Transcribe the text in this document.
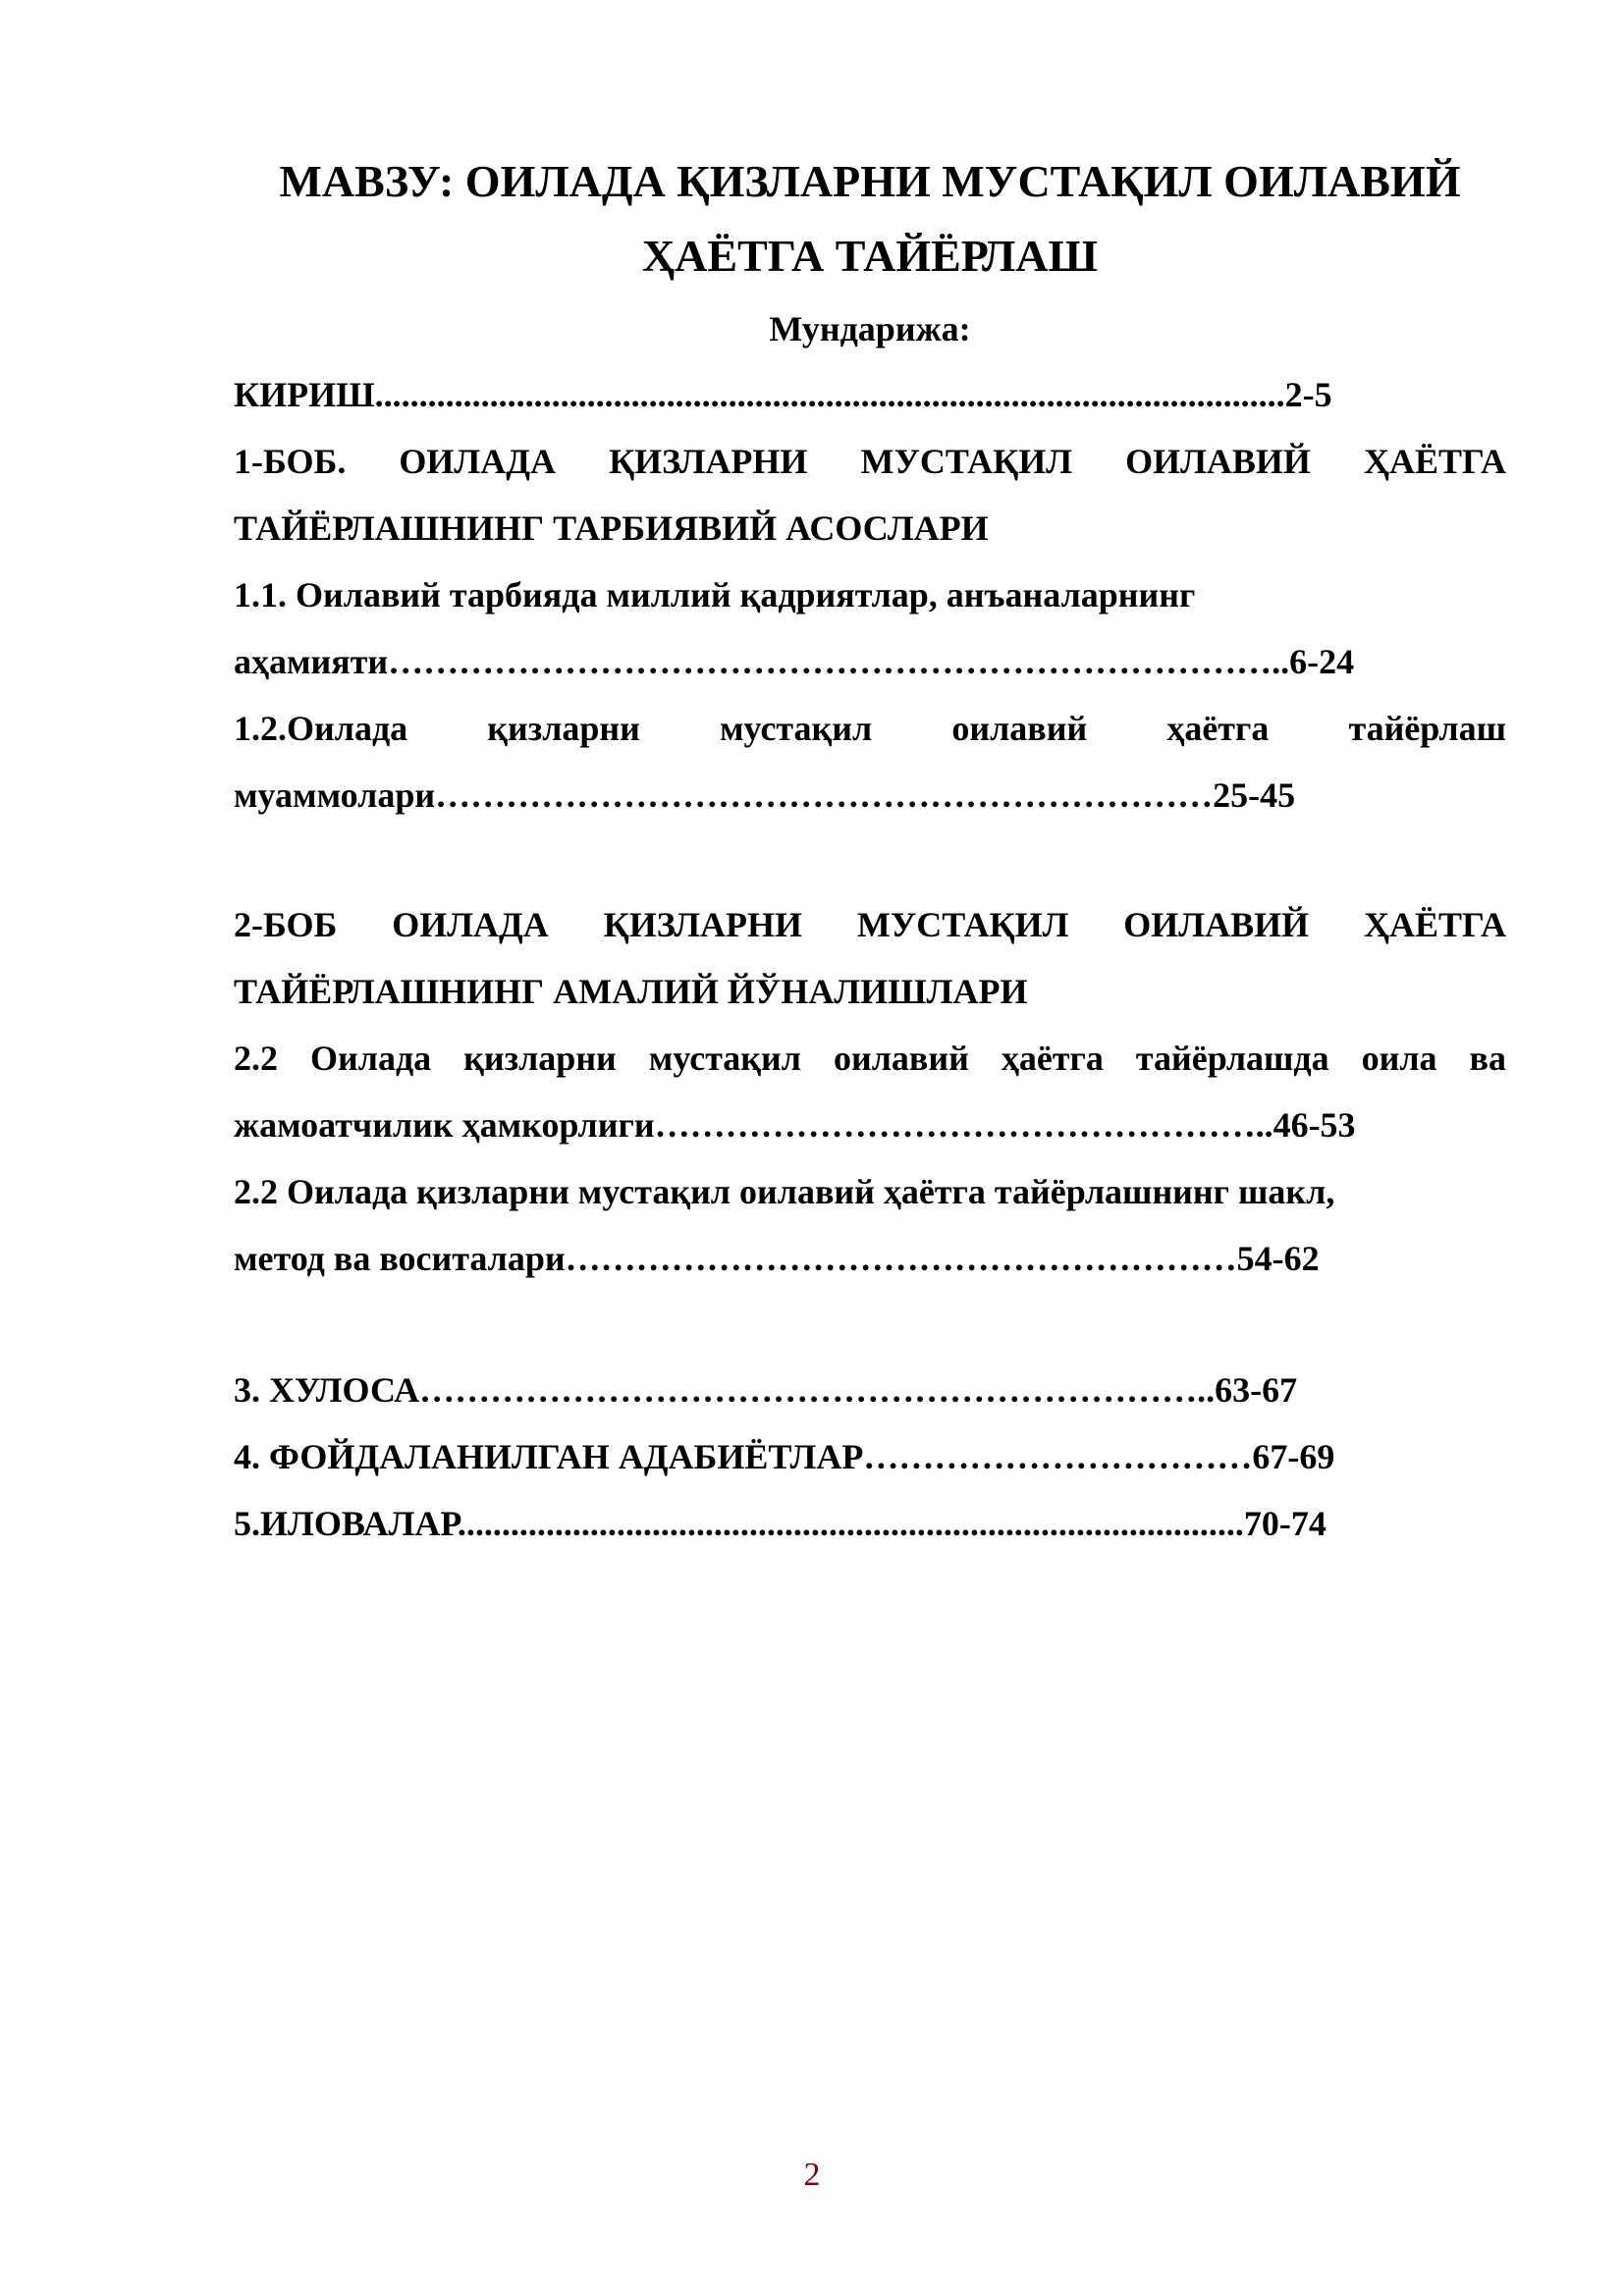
МАВЗУ: ОИЛАДА ҚИЗЛАРНИ МУСТАҚИЛ ОИЛАВИЙ
ҲАЁТГА ТАЙЁРЛАШ
Мундарижа:
КИРИШ.......................................................................................................2-5
1-БОБ. ОИЛАДА ҚИЗЛАРНИ МУСТАҚИЛ ОИЛАВИЙ ҲАЁТГА
ТАЙЁРЛАШНИНГ ТАРБИЯВИЙ АСОСЛАРИ
1.1. Оилавий тарбияда миллий қадриятлар, анъаналарнинг
аҳамияти…………………………………………………………………..6-24
1.2.Оилада қизларни мустақил оилавий ҳаётга тайёрлаш
муаммолари…………………………………………………………25-45
2-БОБ ОИЛАДА ҚИЗЛАРНИ МУСТАҚИЛ ОИЛАВИЙ ҲАЁТГА
ТАЙЁРЛАШНИНГ АМАЛИЙ ЙЎНАЛИШЛАРИ
2.2 Оилада қизларни мустақил оилавий ҳаётга тайёрлашда оила ва
жамоатчилик ҳамкорлиги……………………………………………..46-53
2.2 Оилада қизларни мустақил оилавий ҳаётга тайёрлашнинг шакл,
метод ва воситалари…………………………………………………54-62
3. ХУЛОСА…………………………………………………………..63-67
4. ФОЙДАЛАНИЛГАН АДАБИЁТЛАР……………………………67-69
5.ИЛОВАЛАР.........................................................................................70-74
2
